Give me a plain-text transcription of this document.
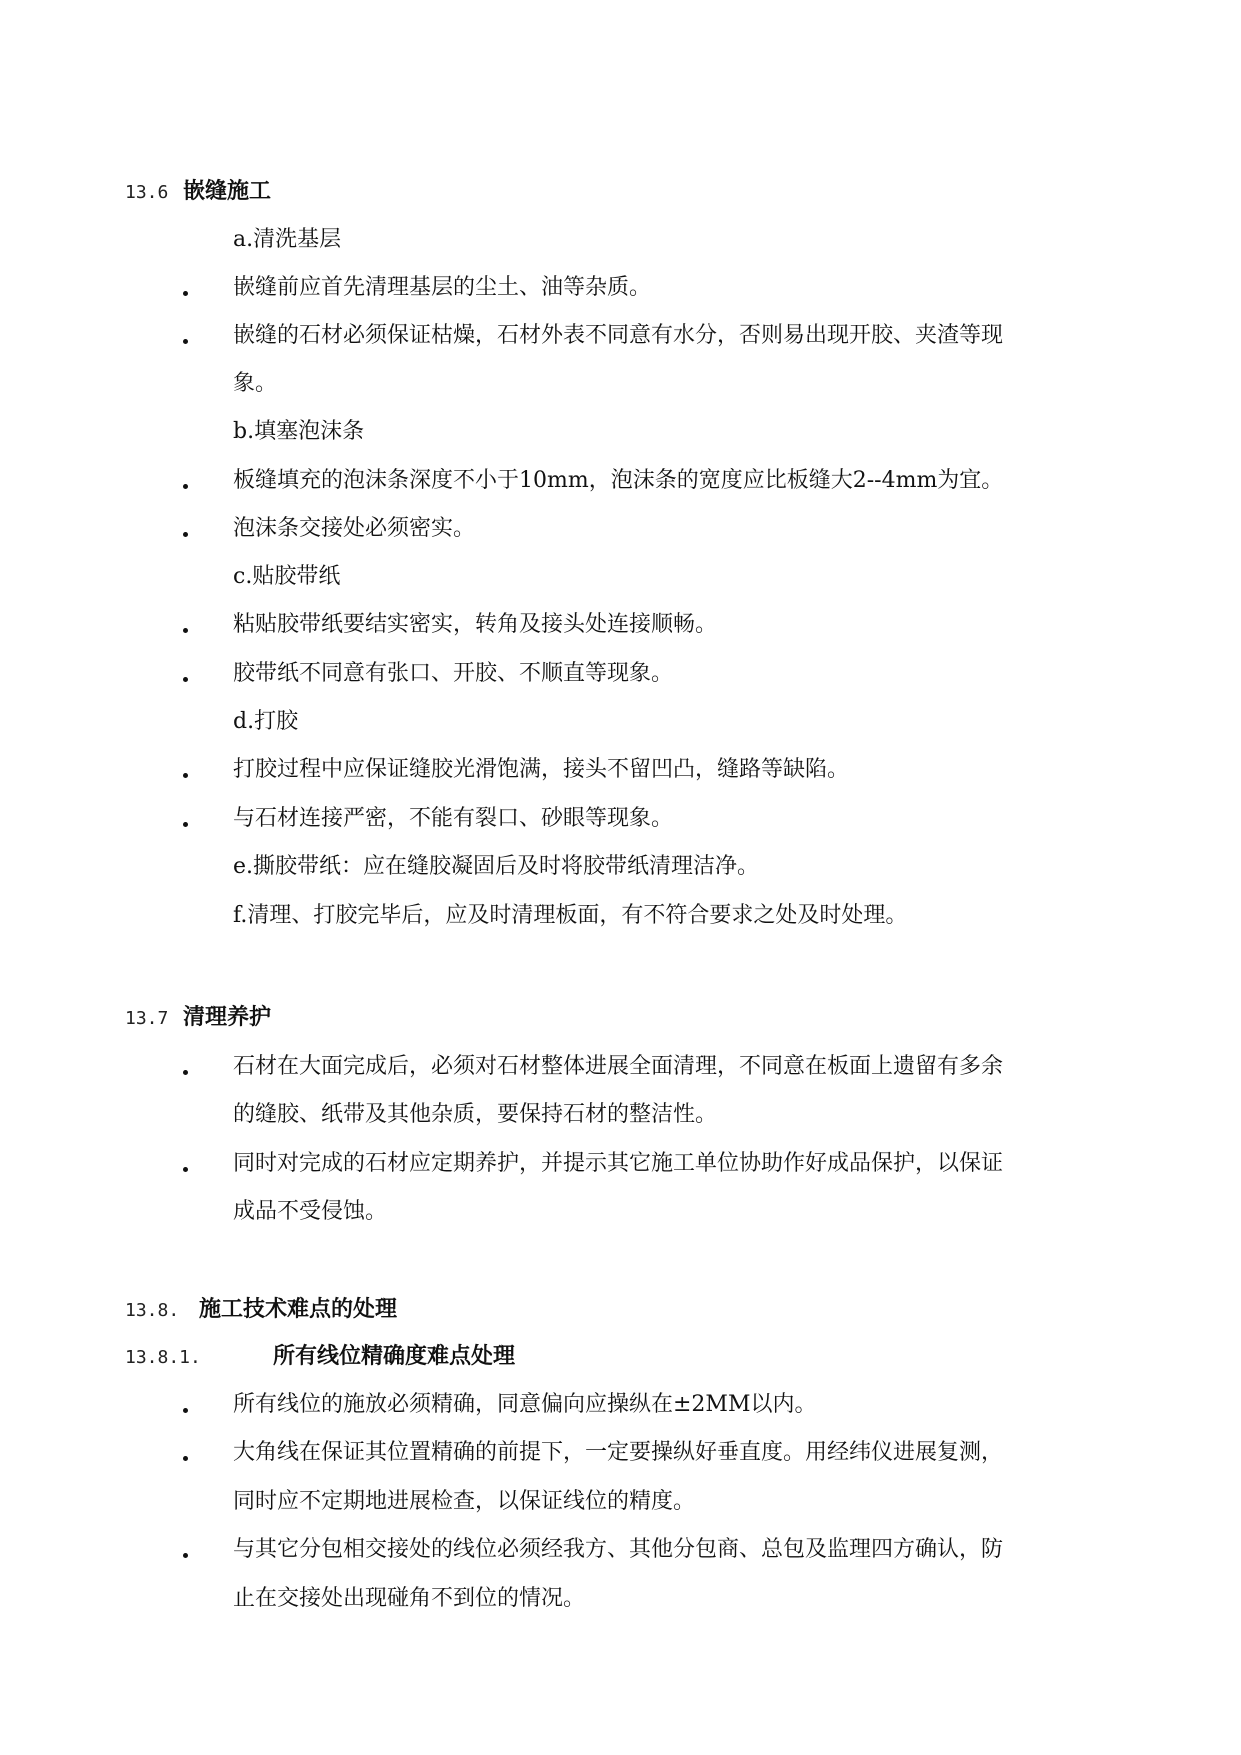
13.6 嵌缝施工
a.清洗基层
嵌缝前应首先清理基层的尘土、油等杂质。
嵌缝的石材必须保证枯燥，石材外表不同意有水分，否则易出现开胶、夹渣等现
象。
b.填塞泡沫条
板缝填充的泡沫条深度不小于10mm，泡沫条的宽度应比板缝大2--4mm为宜。
泡沫条交接处必须密实。
c.贴胶带纸
粘贴胶带纸要结实密实，转角及接头处连接顺畅。
胶带纸不同意有张口、开胶、不顺直等现象。
d.打胶
打胶过程中应保证缝胶光滑饱满，接头不留凹凸，缝路等缺陷。
与石材连接严密，不能有裂口、砂眼等现象。
e.撕胶带纸：应在缝胶凝固后及时将胶带纸清理洁净。
f.清理、打胶完毕后，应及时清理板面，有不符合要求之处及时处理。
13.7 清理养护
石材在大面完成后，必须对石材整体进展全面清理，不同意在板面上遗留有多余
的缝胶、纸带及其他杂质，要保持石材的整洁性。
同时对完成的石材应定期养护，并提示其它施工单位协助作好成品保护，以保证
成品不受侵蚀。
13.8. 施工技术难点的处理
13.8.1.	所有线位精确度难点处理
所有线位的施放必须精确，同意偏向应操纵在±2MM以内。
大角线在保证其位置精确的前提下，一定要操纵好垂直度。用经纬仪进展复测，
同时应不定期地进展检查，以保证线位的精度。
与其它分包相交接处的线位必须经我方、其他分包商、总包及监理四方确认，防
止在交接处出现碰角不到位的情况。
